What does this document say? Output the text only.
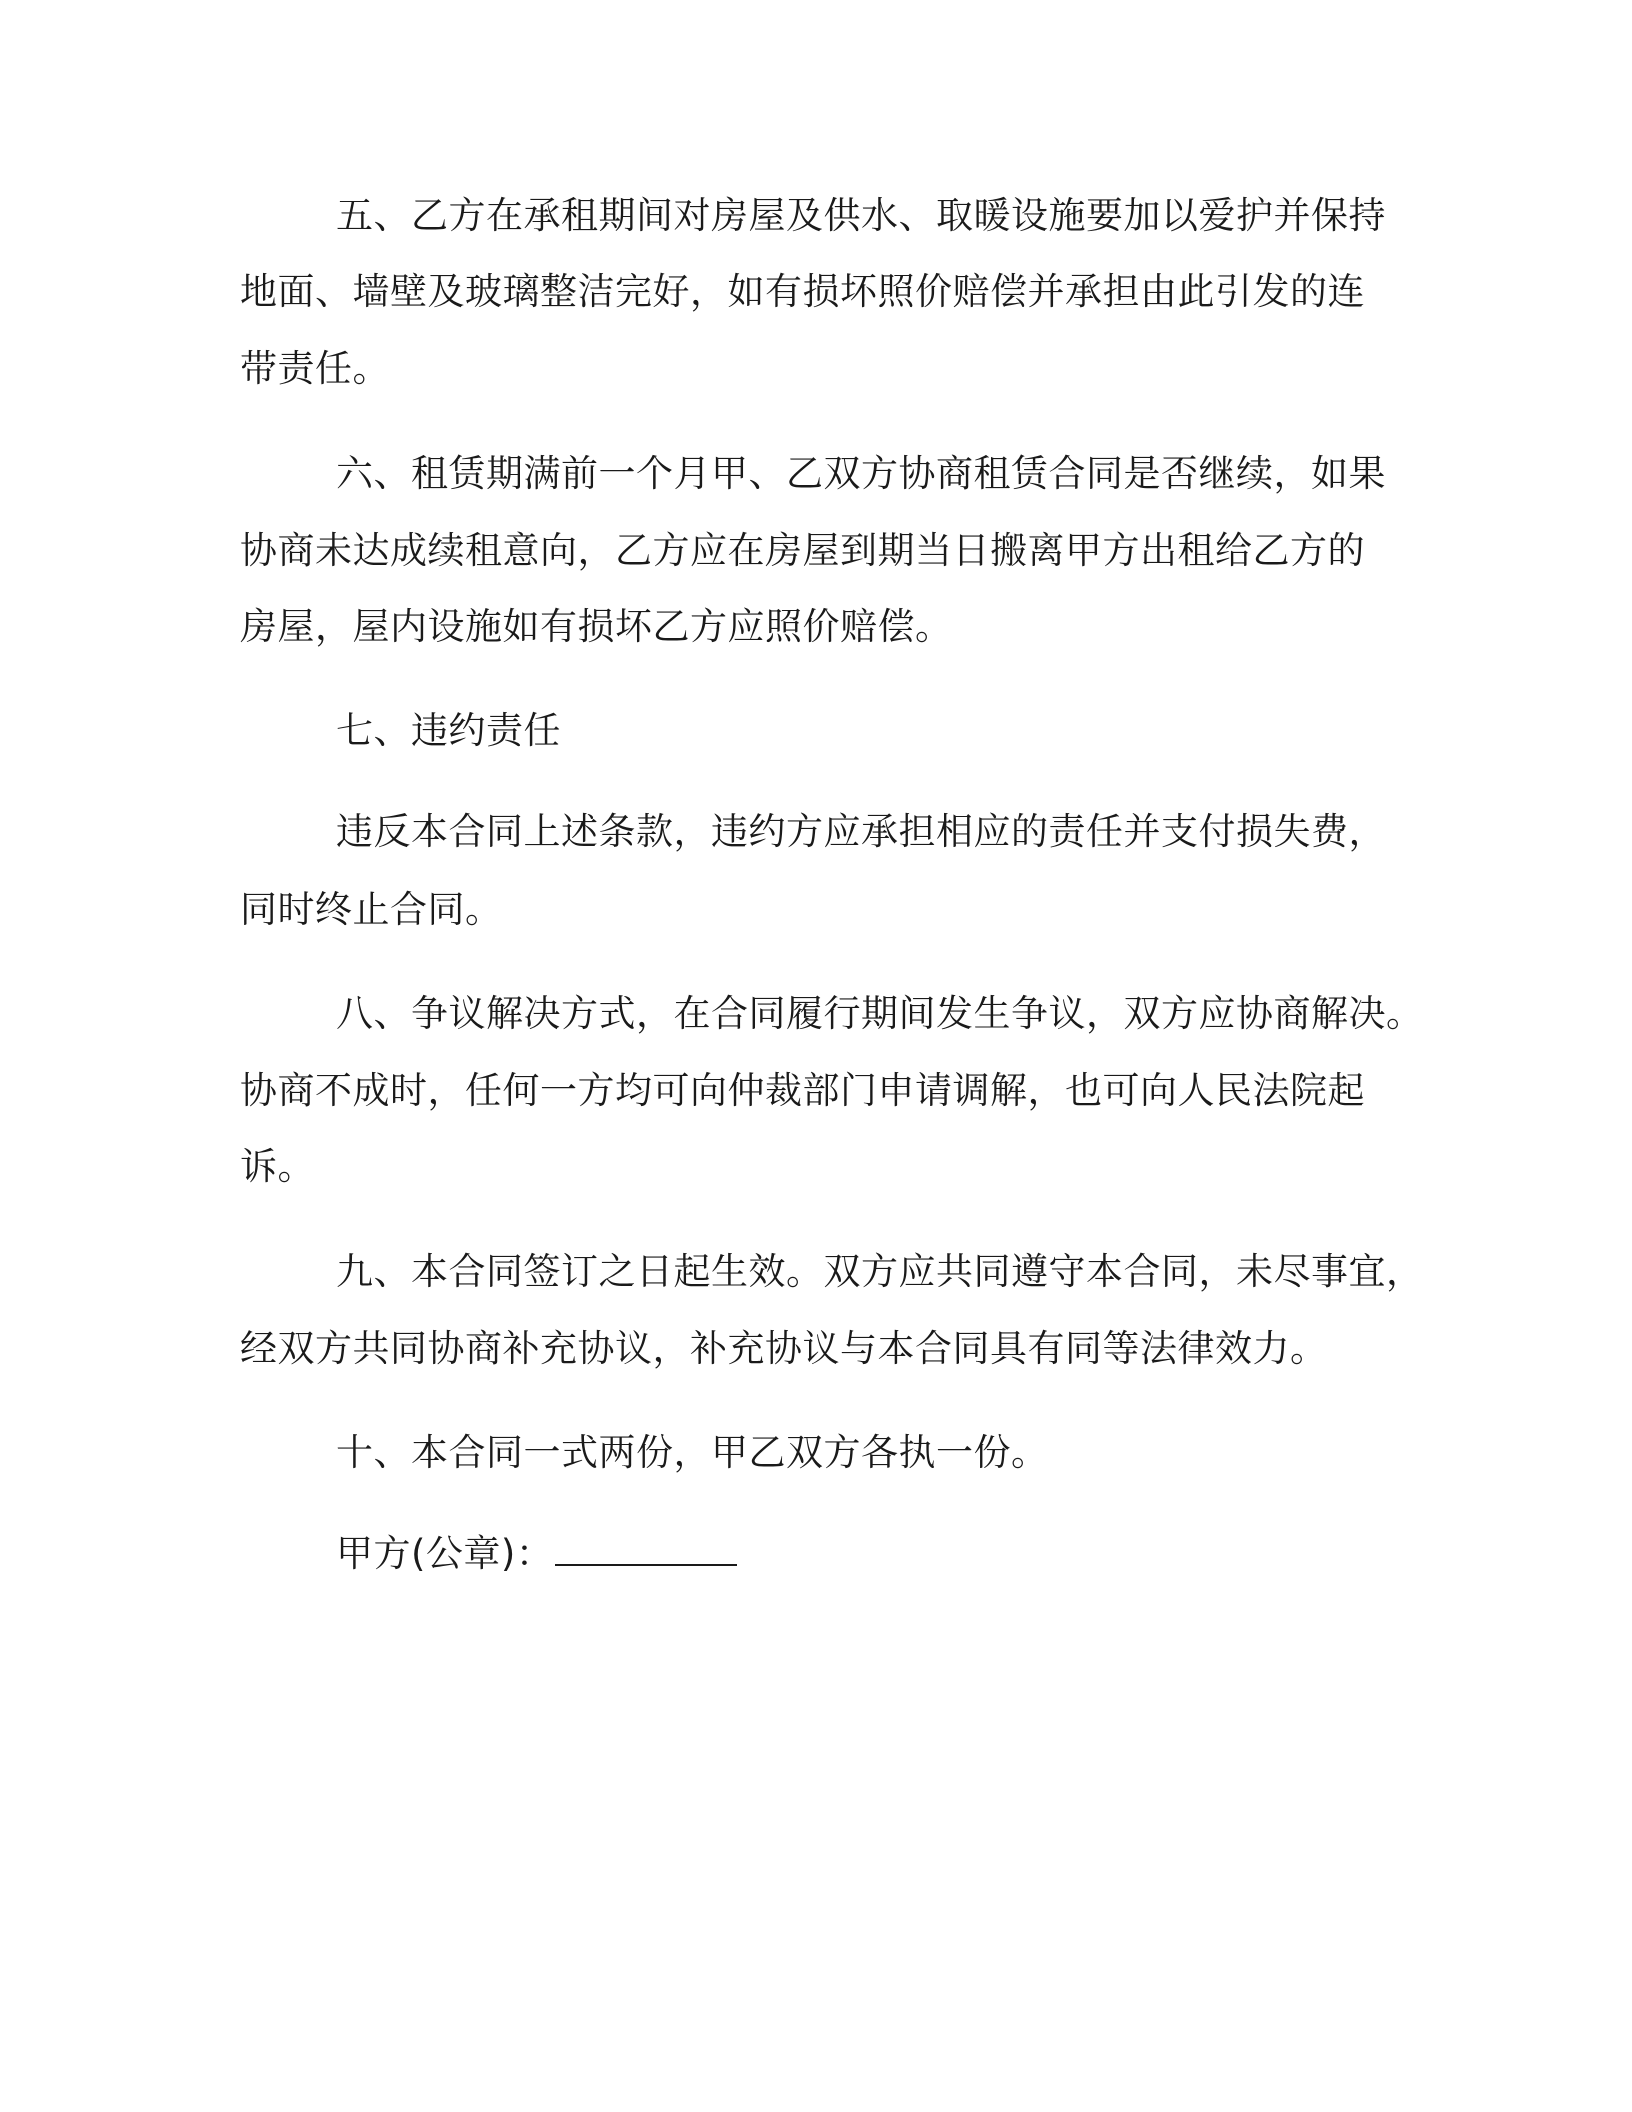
五、乙方在承租期间对房屋及供水、取暖设施要加以爱护并保持
地面、墙壁及玻璃整洁完好，如有损坏照价赔偿并承担由此引发的连
带责任。
六、租赁期满前一个月甲、乙双方协商租赁合同是否继续，如果
协商未达成续租意向，乙方应在房屋到期当日搬离甲方出租给乙方的
房屋，屋内设施如有损坏乙方应照价赔偿。
七、违约责任
违反本合同上述条款，违约方应承担相应的责任并支付损失费，
同时终止合同。
八、争议解决方式，在合同履行期间发生争议，双方应协商解决。
协商不成时，任何一方均可向仲裁部门申请调解，也可向人民法院起
诉。
九、本合同签订之日起生效。双方应共同遵守本合同，未尽事宜，
经双方共同协商补充协议，补充协议与本合同具有同等法律效力。
十、本合同一式两份，甲乙双方各执一份。
甲方(公章)：
